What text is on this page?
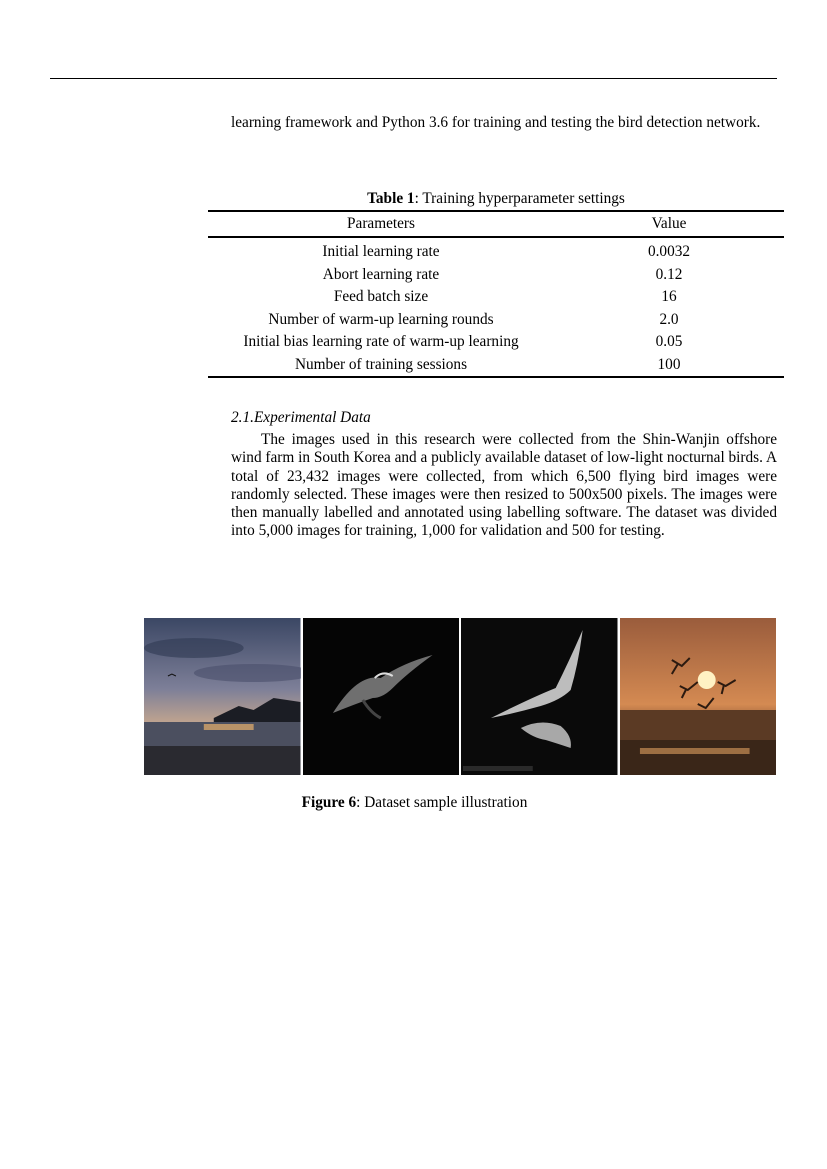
learning framework and Python 3.6 for training and testing the bird detection network.

Table 1: Training hyperparameter settings

Parameters	Value
Initial learning rate	0.0032
Abort learning rate	0.12
Feed batch size	16
Number of warm-up learning rounds	2.0
Initial bias learning rate of warm-up learning	0.05
Number of training sessions	100

2.1.Experimental Data

The images used in this research were collected from the Shin-Wanjin offshore wind farm in South Korea and a publicly available dataset of low-light nocturnal birds. A total of 23,432 images were collected, from which 6,500 flying bird images were randomly selected. These images were then resized to 500x500 pixels. The images were then manually labelled and annotated using labelling software. The dataset was divided into 5,000 images for training, 1,000 for validation and 500 for testing.

Figure 6: Dataset sample illustration
